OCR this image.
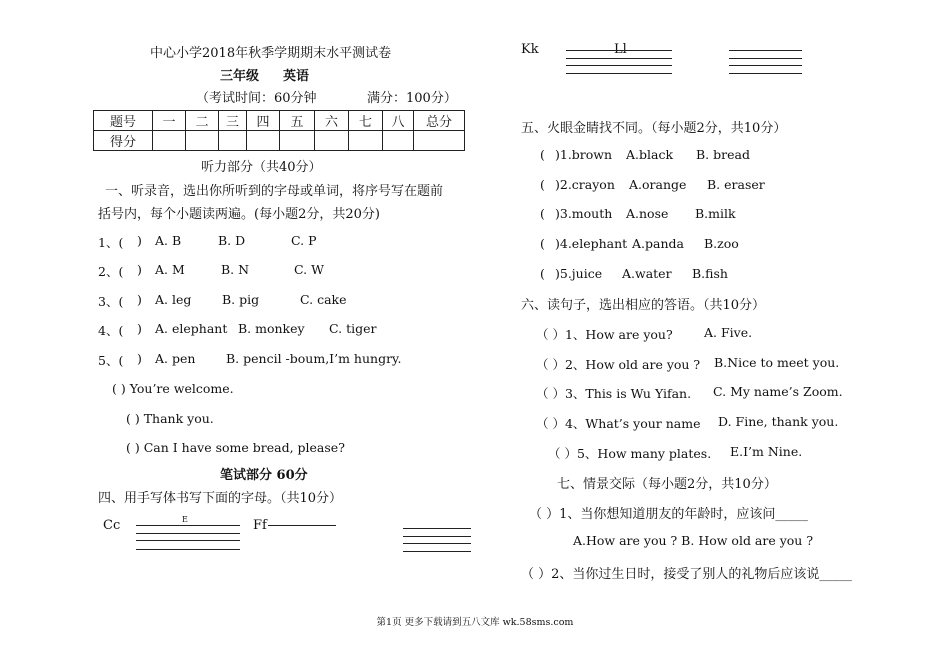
中心小学2018年秋季学期期末水平测试卷
三年级 英语
（考试时间：60分钟	满分：100分）
题号	一	二	三	四	五	六	七	八	总分
得分									
听力部分（共40分）
一、听录音，选出你所听到的字母或单词，将序号写在题前
括号内，每个小题读两遍。(每小题2分，共20分)
1、( ) A. B	B. D	C. P
2、( ) A. M	B. N	C. W
3、( ) A. leg B. pig	C. cake
4、( ) A. elephant B. monkey C. tiger
5、( ) A. pen B. pencil -boum,I’m hungry.
( ) You’re welcome.
( ) Thank you.
( ) Can I have some bread, please?
笔试部分 60分
四、用手写体书写下面的字母。（共10分）
Cc	E	Ff
Kk	Ll
五、火眼金睛找不同。（每小题2分，共10分）
( )1.brown A.black B. bread
( )2.crayon A.orange B. eraser
( )3.mouth A.nose B.milk
( )4.elephant A.panda B.zoo
( )5.juice A.water B.fish
六、读句子，选出相应的答语。（共10分）
（ ）1、How are you?	A. Five.
（ ）2、How old are you ? B.Nice to meet you.
（ ）3、This is Wu Yifan. C. My name’s Zoom.
（ ）4、What’s your name D. Fine, thank you.
（ ）5、How many plates. E.I’m Nine.
七、情景交际（每小题2分，共10分）
（ ）1、当你想知道朋友的年龄时，应该问_____
A.How are you ? B. How old are you ?
（ ）2、当你过生日时，接受了别人的礼物后应该说_____
第1页 更多下载请到五八文库 wk.58sms.com
